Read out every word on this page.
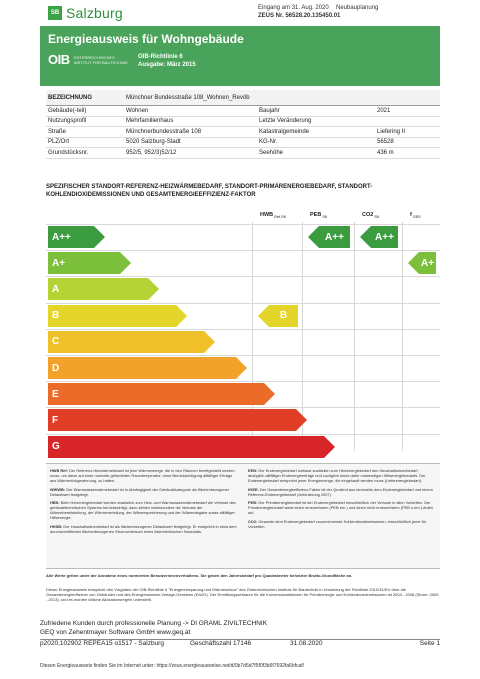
SB Salzburg	Eingang am 31. Aug. 2020
ZEUS Nr. 56528.20.135450.01
Neubauplanung
Energieausweis für Wohngebäude
OIB ÖSTERREICHISCHES INSTITUT FÜR BAUTECHNIK
OIB-Richtlinie 6
Ausgabe: März 2015
BEZEICHNUNG	Münchner Bundesstraße 108_Wohnen_Revöb
Gebäude(-teil)	Wohnen	Baujahr	2021
Nutzungsprofil	Mehrfamilienhaus	Letzte Veränderung
Straße	Münchnerbundesstraße 108	Katastralgemeinde	Liefering II
PLZ/Ort	5020 Salzburg-Stadt	KG-Nr.	56528
Grundstücksnr.	952/5, 952/3)52/12	Seehöhe	436 m
SPEZIFISCHER STANDORT-REFERENZ-HEIZWÄRMEBEDARF, STANDORT-PRIMÄRENERGIEBEDARF, STANDORT-KOHLENDIOXIDEMISSIONEN UND GESAMTENERGIEEFFIZIENZ-FAKTOR
HWB $_{Ref,SK}$	PEB $_{SK}$	CO2 $_{SK}$	f $_{GEE}$
A++
A+
A
B
C
D
E
F
G
B
A++	A++
A+

HWB Ref: Der Referenz-Heizwärmebedarf ist jene Wärmemenge, die in den Räumen bereitgestellt werden muss, um diese auf einer normativ geforderten Raumtemperatur, ohne Berücksichtigung allfälliger Erträge aus Wärmerückgewinnung, zu halten.

WWWB: Der Warmwasserwärmebedarf ist in Abhängigkeit der Gebäudekategorie als flächenbezogener Defaultwert festgelegt.

HEB: Beim Heizenergiebedarf werden zusätzlich zum Heiz- und Warmwasserwärmebedarf die Verluste des gebäudetechnischen Systems berücksichtigt, dazu zählen insbesondere die Verluste der Wärmebereitstellung, der Wärmeverteilung, der Wärmespeicherung und der Wärmeabgabe sowie allfälliger Hilfsenergie.

HHSB: Der Haushaltsstrombedarf ist als flächenbezogener Defaultwert festgelegt. Er entspricht in etwa dem durchschnittlichen flächenbezogenen Stromverbrauch eines österreichischen Haushalts.

EEB: Der Endenergiebedarf umfasst zusätzlich zum Heizenergiebedarf den Haushaltsstrombedarf, abzüglich allfälliger Endenergieerträge und zuzüglich eines dafür notwendigen Hilfsenergiebedarfs. Der Endenergiebedarf entspricht jener Energiemenge, die eingekauft werden muss (Lieferenergiebedarf).

fGEE: Der Gesamtenergieeffizienz-Faktor ist der Quotient aus einerseits dem Endenergiebedarf und einem Referenz-Endenergiebedarf (Anforderung 2007).

PEB: Der Primärenergiebedarf ist der Endenergiebedarf einschließlich der Verluste in allen Vorketten. Der Primärenergiebedarf weist einen erneuerbaren (PEB ern.) und einen nicht erneuerbaren (PEB n.ern.) Anteil auf.

CO2: Gesamte dem Endenergiebedarf zuzurechnende Kohlendioxidemissionen, einschließlich jener für Vorketten.

Alle Werte gelten unter der Annahme eines normierten Benutzerinnenverhaltens. Sie geben den Jahresbedarf pro Quadratmeter beheizter Brutto-Grundfläche an.
Dieser Energieausweis entspricht den Vorgaben der OIB-Richtlinie 6 "Energieeinsparung und Wärmeschutz" des Österreichischen Instituts für Bautechnik in Umsetzung der Richtlinie 2010/31/EU über die Gesamtenergieeffizienz von Gebäuden und des Energieausweis-Vorlage-Gesetzes (EAVG). Der Ermittlungszeitraum für die Konversionsfaktoren für Primärenergie und Kohlendioxidemissionen ist 2004 - 2008 (Strom: 2009 - 2013), und es wurden übliche Allokationsregeln unterstellt.
Zufriedene Kunden durch professionelle Planung -> DI GRAML ZIVILTECHNIK
GEQ von Zehentmayer Software GmbH www.geq.at
p2020,102902 REPEA15 o1517 - Salzburg	Geschäftszahl 17146	31.08.2020	Seite 1
Diesen Energieausweis finden Sie im Internet unter: https://zeus.energieausweise.net/d/0b7d6d7f5f0f3b6f7692fa6bfcaf/
